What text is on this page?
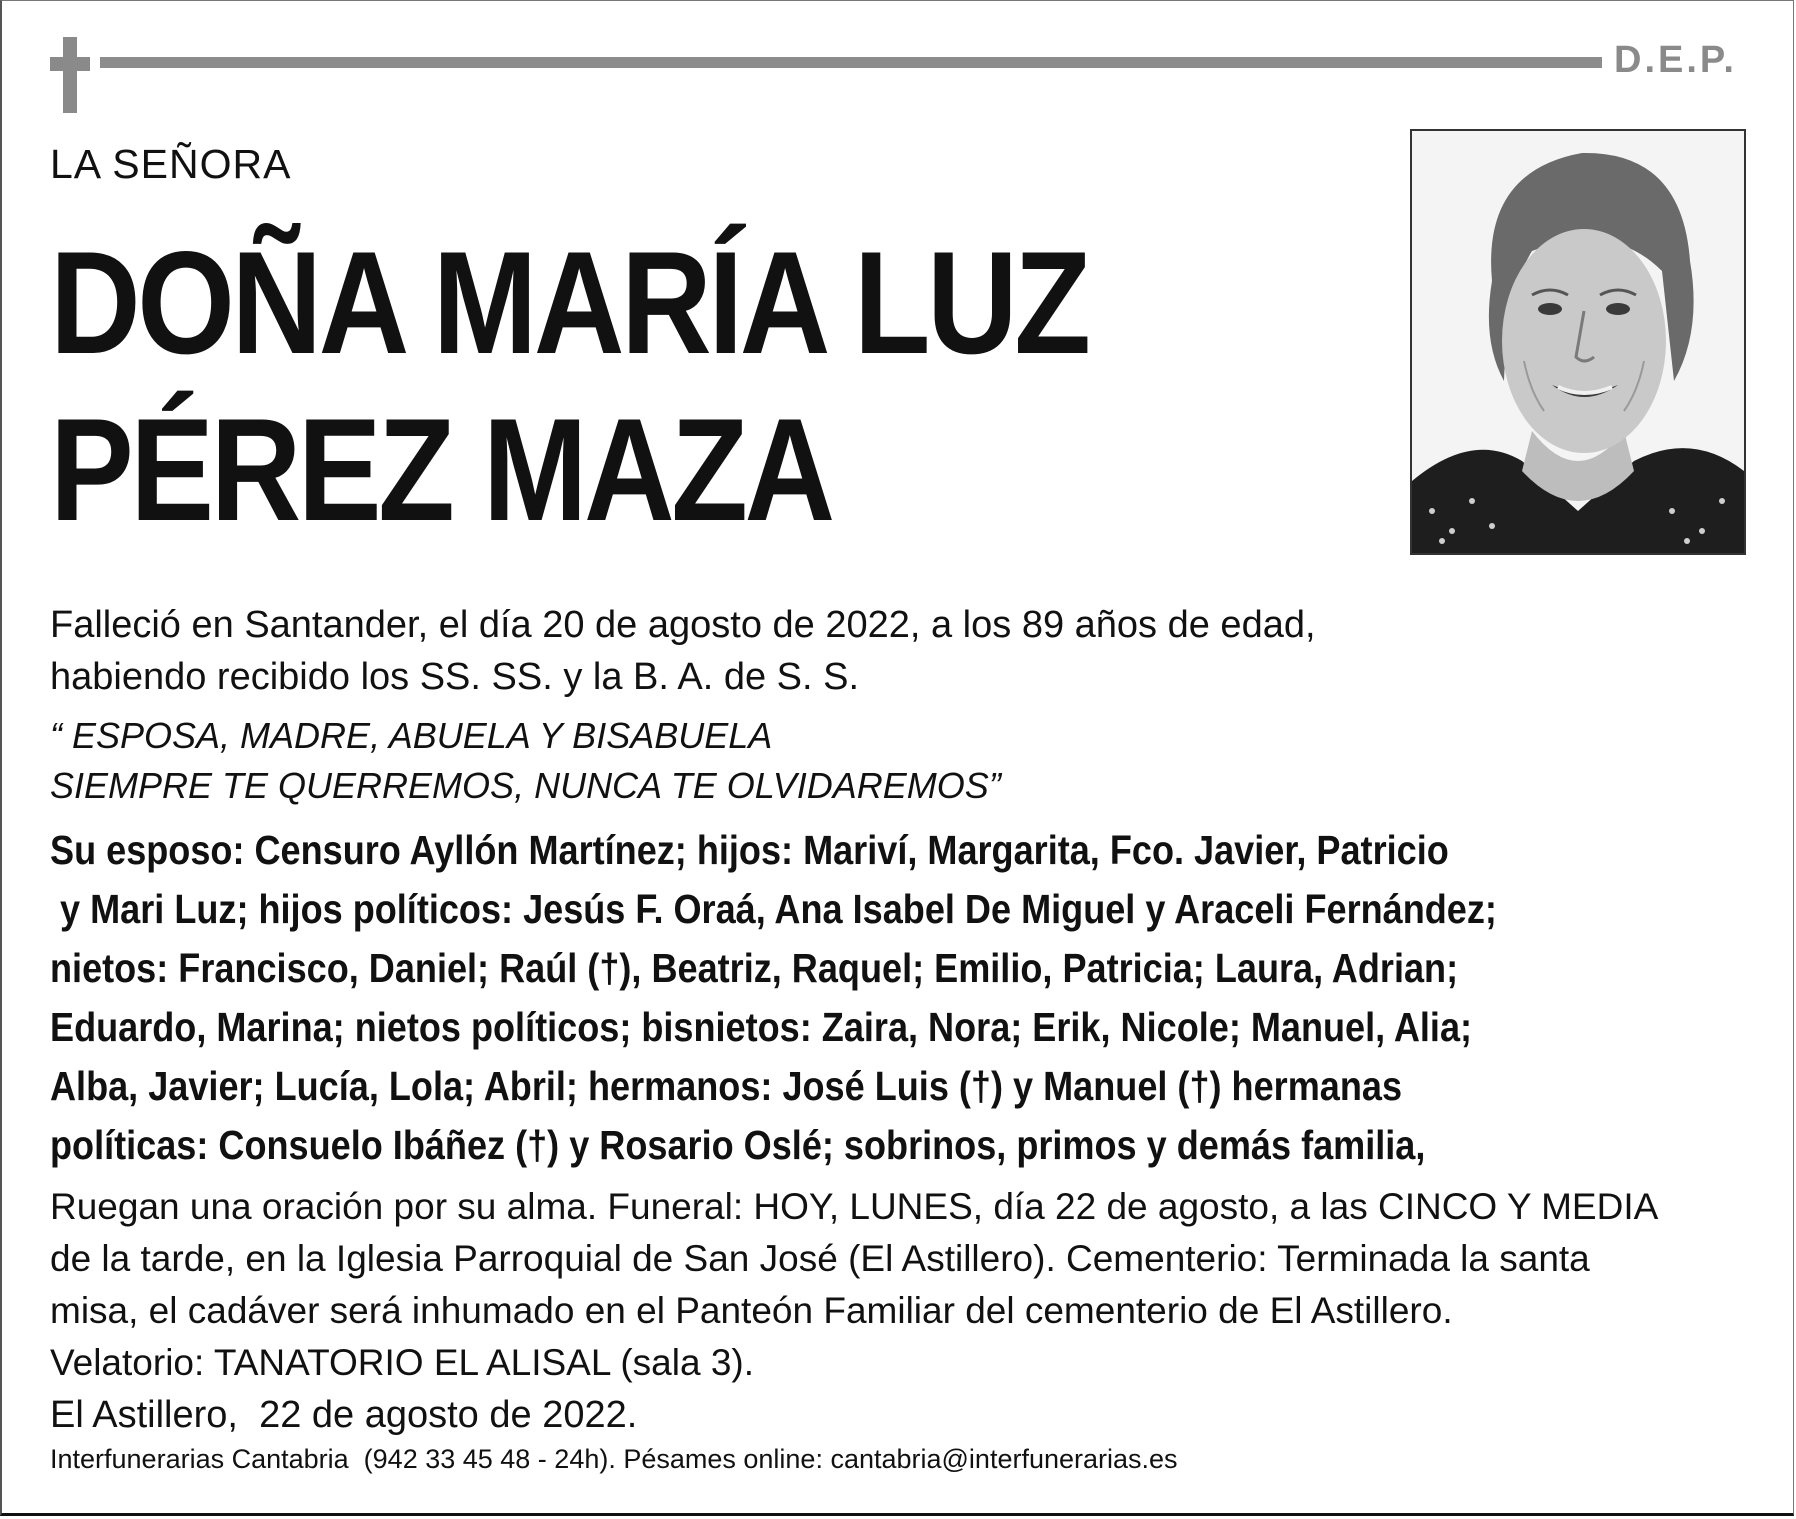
D.E.P.
LA SEÑORA
DOÑA MARÍA LUZ
PÉREZ MAZA
Falleció en Santander, el día 20 de agosto de 2022, a los 89 años de edad,
habiendo recibido los SS. SS. y la B. A. de S. S.
“ ESPOSA, MADRE, ABUELA Y BISABUELA
SIEMPRE TE QUERREMOS, NUNCA TE OLVIDAREMOS”
Su esposo: Censuro Ayllón Martínez; hijos: Mariví, Margarita, Fco. Javier, Patricio
y Mari Luz; hijos políticos: Jesús F. Oraá, Ana Isabel De Miguel y Araceli Fernández;
nietos: Francisco, Daniel; Raúl (†), Beatriz, Raquel; Emilio, Patricia; Laura, Adrian;
Eduardo, Marina; nietos políticos; bisnietos: Zaira, Nora; Erik, Nicole; Manuel, Alia;
Alba, Javier; Lucía, Lola; Abril; hermanos: José Luis (†) y Manuel (†) hermanas
políticas: Consuelo Ibáñez (†) y Rosario Oslé; sobrinos, primos y demás familia,
Ruegan una oración por su alma. Funeral: HOY, LUNES, día 22 de agosto, a las CINCO Y MEDIA
de la tarde, en la Iglesia Parroquial de San José (El Astillero). Cementerio: Terminada la santa
misa, el cadáver será inhumado en el Panteón Familiar del cementerio de El Astillero.
Velatorio: TANATORIO EL ALISAL (sala 3).
El Astillero,  22 de agosto de 2022.
Interfunerarias Cantabria  (942 33 45 48 - 24h). Pésames online: cantabria@interfunerarias.es
